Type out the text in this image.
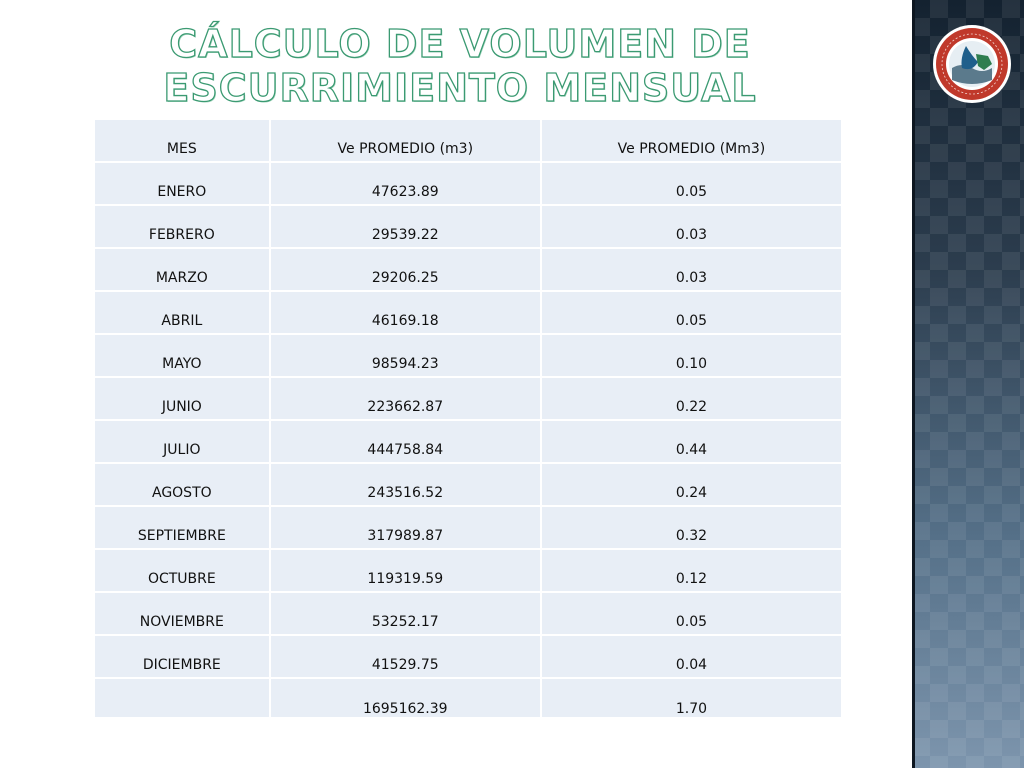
CÁLCULO DE VOLUMEN DE ESCURRIMIENTO MENSUAL
MES	Ve PROMEDIO (m3)	Ve PROMEDIO (Mm3)
ENERO	47623.89	0.05
FEBRERO	29539.22	0.03
MARZO	29206.25	0.03
ABRIL	46169.18	0.05
MAYO	98594.23	0.10
JUNIO	223662.87	0.22
JULIO	444758.84	0.44
AGOSTO	243516.52	0.24
SEPTIEMBRE	317989.87	0.32
OCTUBRE	119319.59	0.12
NOVIEMBRE	53252.17	0.05
DICIEMBRE	41529.75	0.04
	1695162.39	1.70
